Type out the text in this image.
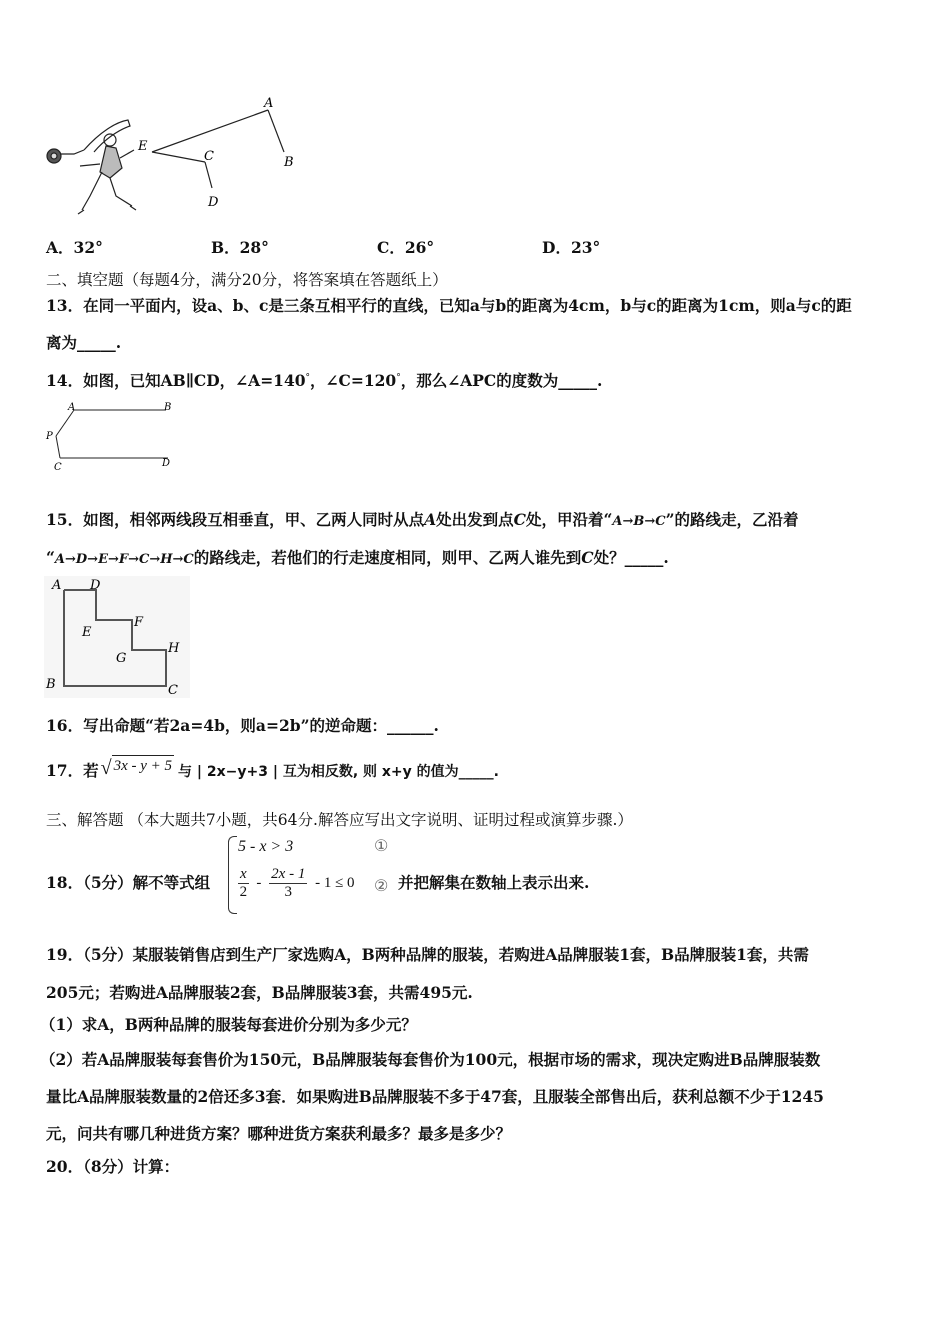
A
B
C
D
E
A．32°	B．28°	C．26°	D．23°
二、填空题（每题4分，满分20分，将答案填在答题纸上）
13．在同一平面内，设a、b、c是三条互相平行的直线，已知a与b的距离为4cm，b与c的距离为1cm，则a与c的距
离为_____.
14．如图，已知AB∥CD，∠A=140°，∠C=120°，那么∠APC的度数为_____.
A	B
P
C	D
15．如图，相邻两线段互相垂直，甲、乙两人同时从点A处出发到点C处，甲沿着“A→B→C”的路线走，乙沿着
“A→D→E→F→C→H→C的路线走，若他们的行走速度相同，则甲、乙两人谁先到C处？_____.
A D
E
F
G
H
B	C
16．写出命题“若2a=4b，则a=2b”的逆命题：______.
17．若 √ 3x - y + 5 与 | 2x−y+3 | 互为相反数, 则 x+y 的值为_____.
三、解答题 （本大题共7小题，共64分.解答应写出文字说明、证明过程或演算步骤.）
18．（5分）解不等式组
5 - x > 3	①
$\frac{x}{2} - \frac{2x - 1}{3} - 1 \le 0$ ② 并把解集在数轴上表示出来.
19．（5分）某服装销售店到生产厂家选购A，B两种品牌的服装，若购进A品牌服装1套，B品牌服装1套，共需
205元；若购进A品牌服装2套，B品牌服装3套，共需495元.
（1）求A，B两种品牌的服装每套进价分别为多少元？
（2）若A品牌服装每套售价为150元，B品牌服装每套售价为100元，根据市场的需求，现决定购进B品牌服装数
量比A品牌服装数量的2倍还多3套．如果购进B品牌服装不多于47套，且服装全部售出后，获利总额不少于1245
元，问共有哪几种进货方案？哪种进货方案获利最多？最多是多少？
20．（8分）计算：
